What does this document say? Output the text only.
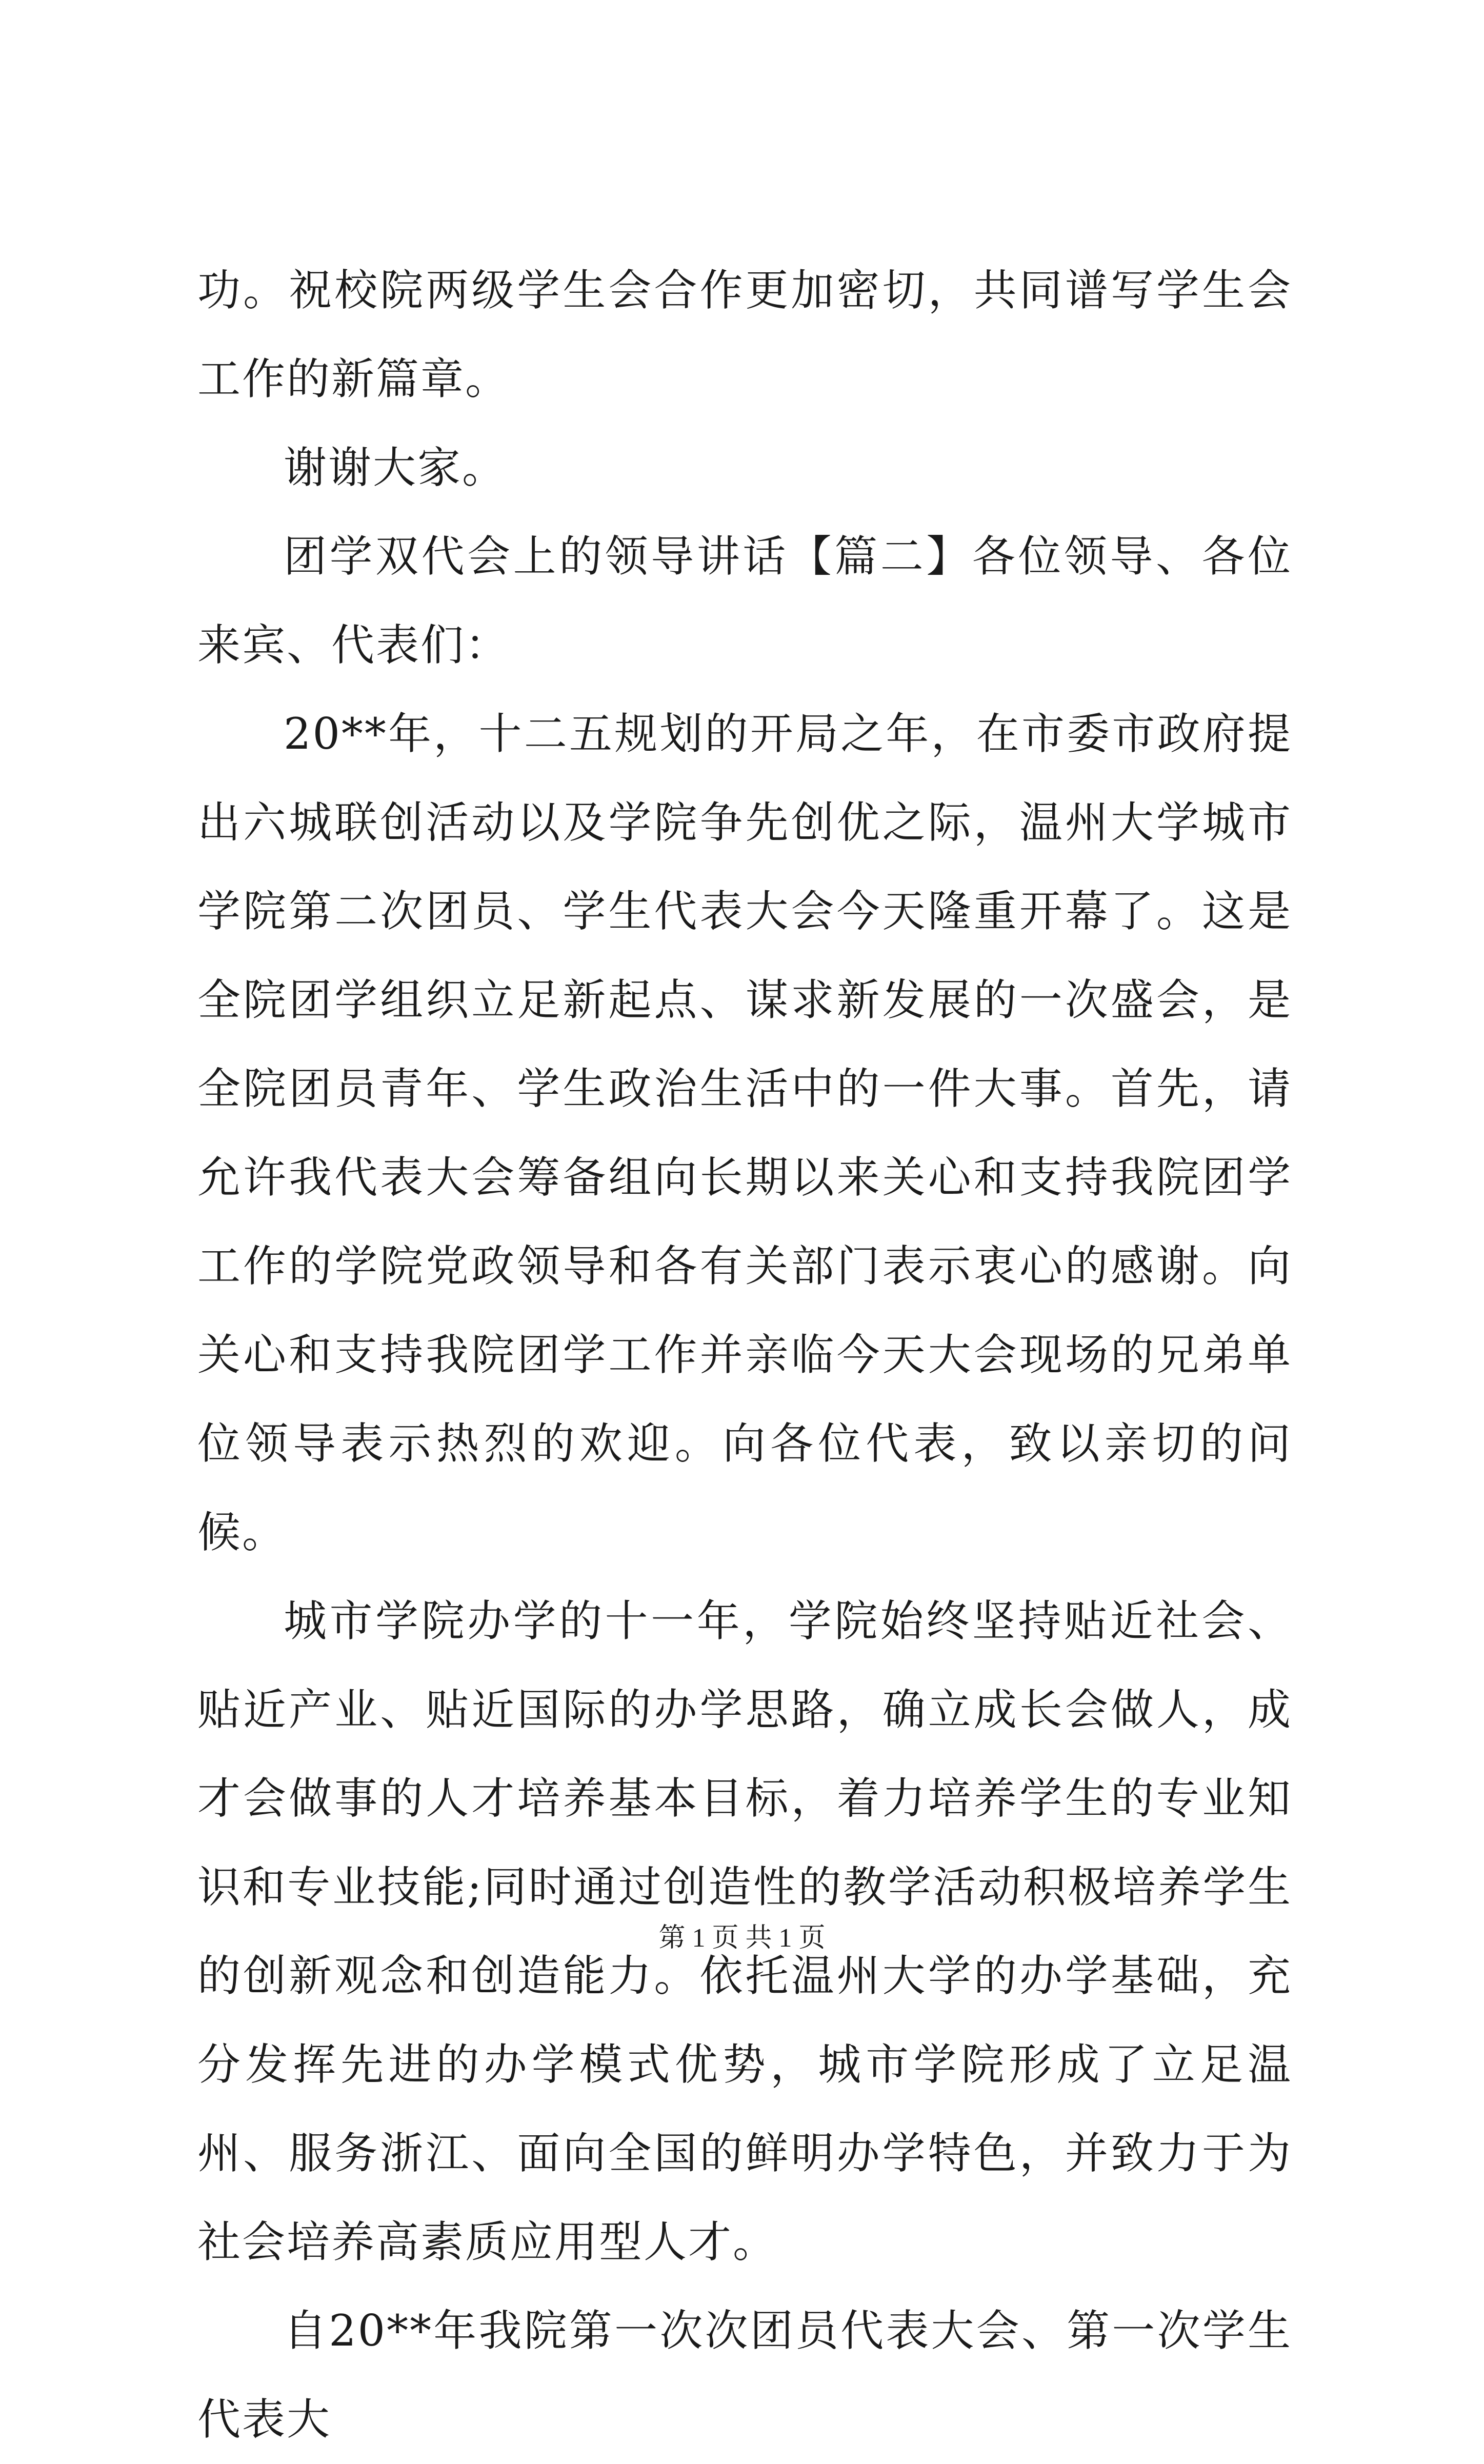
功。祝校院两级学生会合作更加密切，共同谱写学生会工作的新篇章。

谢谢大家。

团学双代会上的领导讲话【篇二】各位领导、各位来宾、代表们：

20**年，十二五规划的开局之年，在市委市政府提出六城联创活动以及学院争先创优之际，温州大学城市学院第二次团员、学生代表大会今天隆重开幕了。这是全院团学组织立足新起点、谋求新发展的一次盛会，是全院团员青年、学生政治生活中的一件大事。首先，请允许我代表大会筹备组向长期以来关心和支持我院团学工作的学院党政领导和各有关部门表示衷心的感谢。向关心和支持我院团学工作并亲临今天大会现场的兄弟单位领导表示热烈的欢迎。向各位代表，致以亲切的问候。

城市学院办学的十一年，学院始终坚持贴近社会、贴近产业、贴近国际的办学思路，确立成长会做人，成才会做事的人才培养基本目标，着力培养学生的专业知识和专业技能;同时通过创造性的教学活动积极培养学生的创新观念和创造能力。依托温州大学的办学基础，充分发挥先进的办学模式优势，城市学院形成了立足温州、服务浙江、面向全国的鲜明办学特色，并致力于为社会培养高素质应用型人才。

自20**年我院第一次次团员代表大会、第一次学生代表大

第 1 页 共 1 页
